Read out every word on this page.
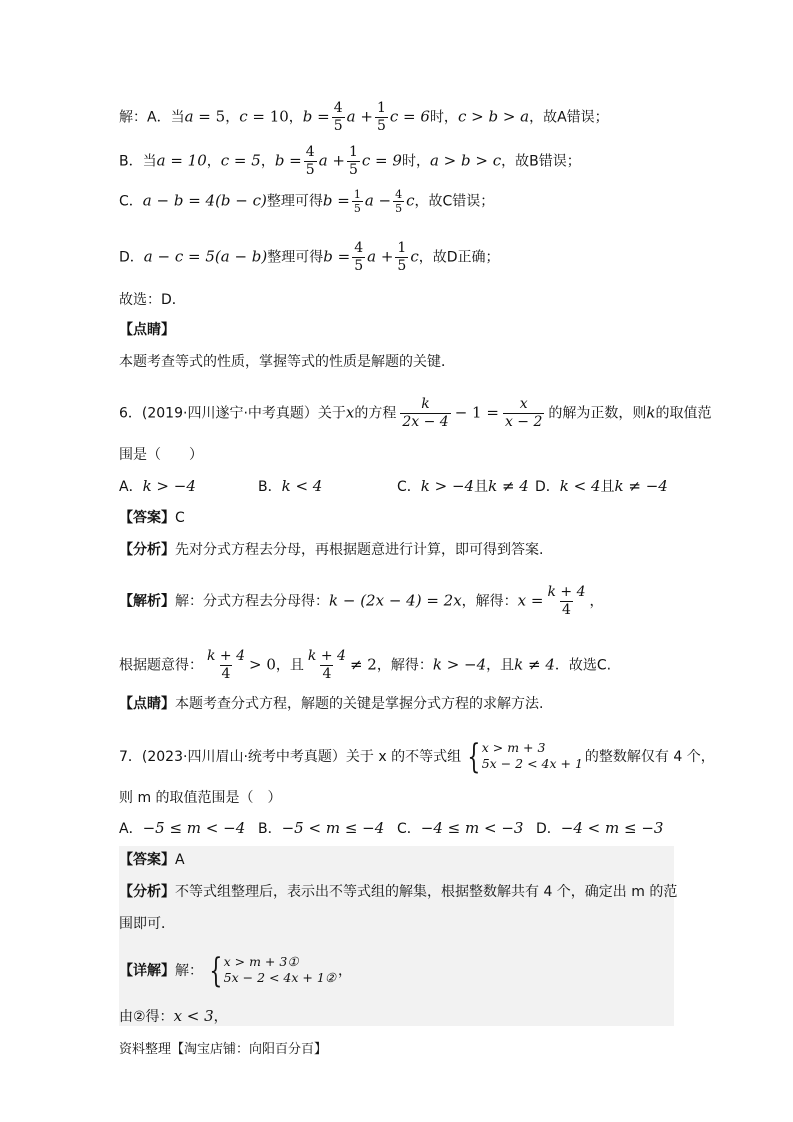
解：A．当a = 5，c = 10，$b = \frac{4}{5}$ $a + \frac{1}{5}$ c = 6时，c > b > a，故A错误；
B．当a = 10，c = 5，$b = \frac{4}{5}$ $a + \frac{1}{5}$ c = 9时，a > b > c，故B错误；
C．a − b = 4(b − c)整理可得$b = \frac{1}{5}$ $a - \frac{4}{5}$ c，故C错误；
D．a − c = 5(a − b)整理可得$b = \frac{4}{5}$ $a + \frac{1}{5}$ c，故D正确；
故选：D．
【点睛】
本题考查等式的性质，掌握等式的性质是解题的关键．
6．(2019·四川遂宁·中考真题）关于x的方程 $\frac{k}{2x - 4} - 1 = \frac{x}{x - 2}$ 的解为正数，则k的取值范
围是（　　）
A．k > −4	B．k < 4	C．k > −4且k ≠ 4 D．k < 4且k ≠ −4
【答案】C
【分析】先对分式方程去分母，再根据题意进行计算，即可得到答案.
【解析】解：分式方程去分母得：k − (2x − 4) = 2x，解得：$x = \frac{k + 4}{4}$ ，
根据题意得： $\frac{k + 4}{4} > 0$，且 $\frac{k + 4}{4} \ne 2$，解得：k > −4，且k ≠ 4．故选C.
【点睛】本题考查分式方程，解题的关键是掌握分式方程的求解方法.
7．(2023·四川眉山·统考中考真题）关于 x 的不等式组 { x > m + 3
5x − 2 < 4x + 1 的整数解仅有 4 个，
则 m 的取值范围是（　）
A．−5 ≤ m < −4 B．−5 < m ≤ −4 C．−4 ≤ m < −3 D．−4 < m ≤ −3
【答案】A
【分析】不等式组整理后，表示出不等式组的解集，根据整数解共有 4 个，确定出 m 的范
围即可．
【详解】解： { x > m + 3①
5x − 2 < 4x + 1② ，
由②得：x < 3，
资料整理【淘宝店铺：向阳百分百】
